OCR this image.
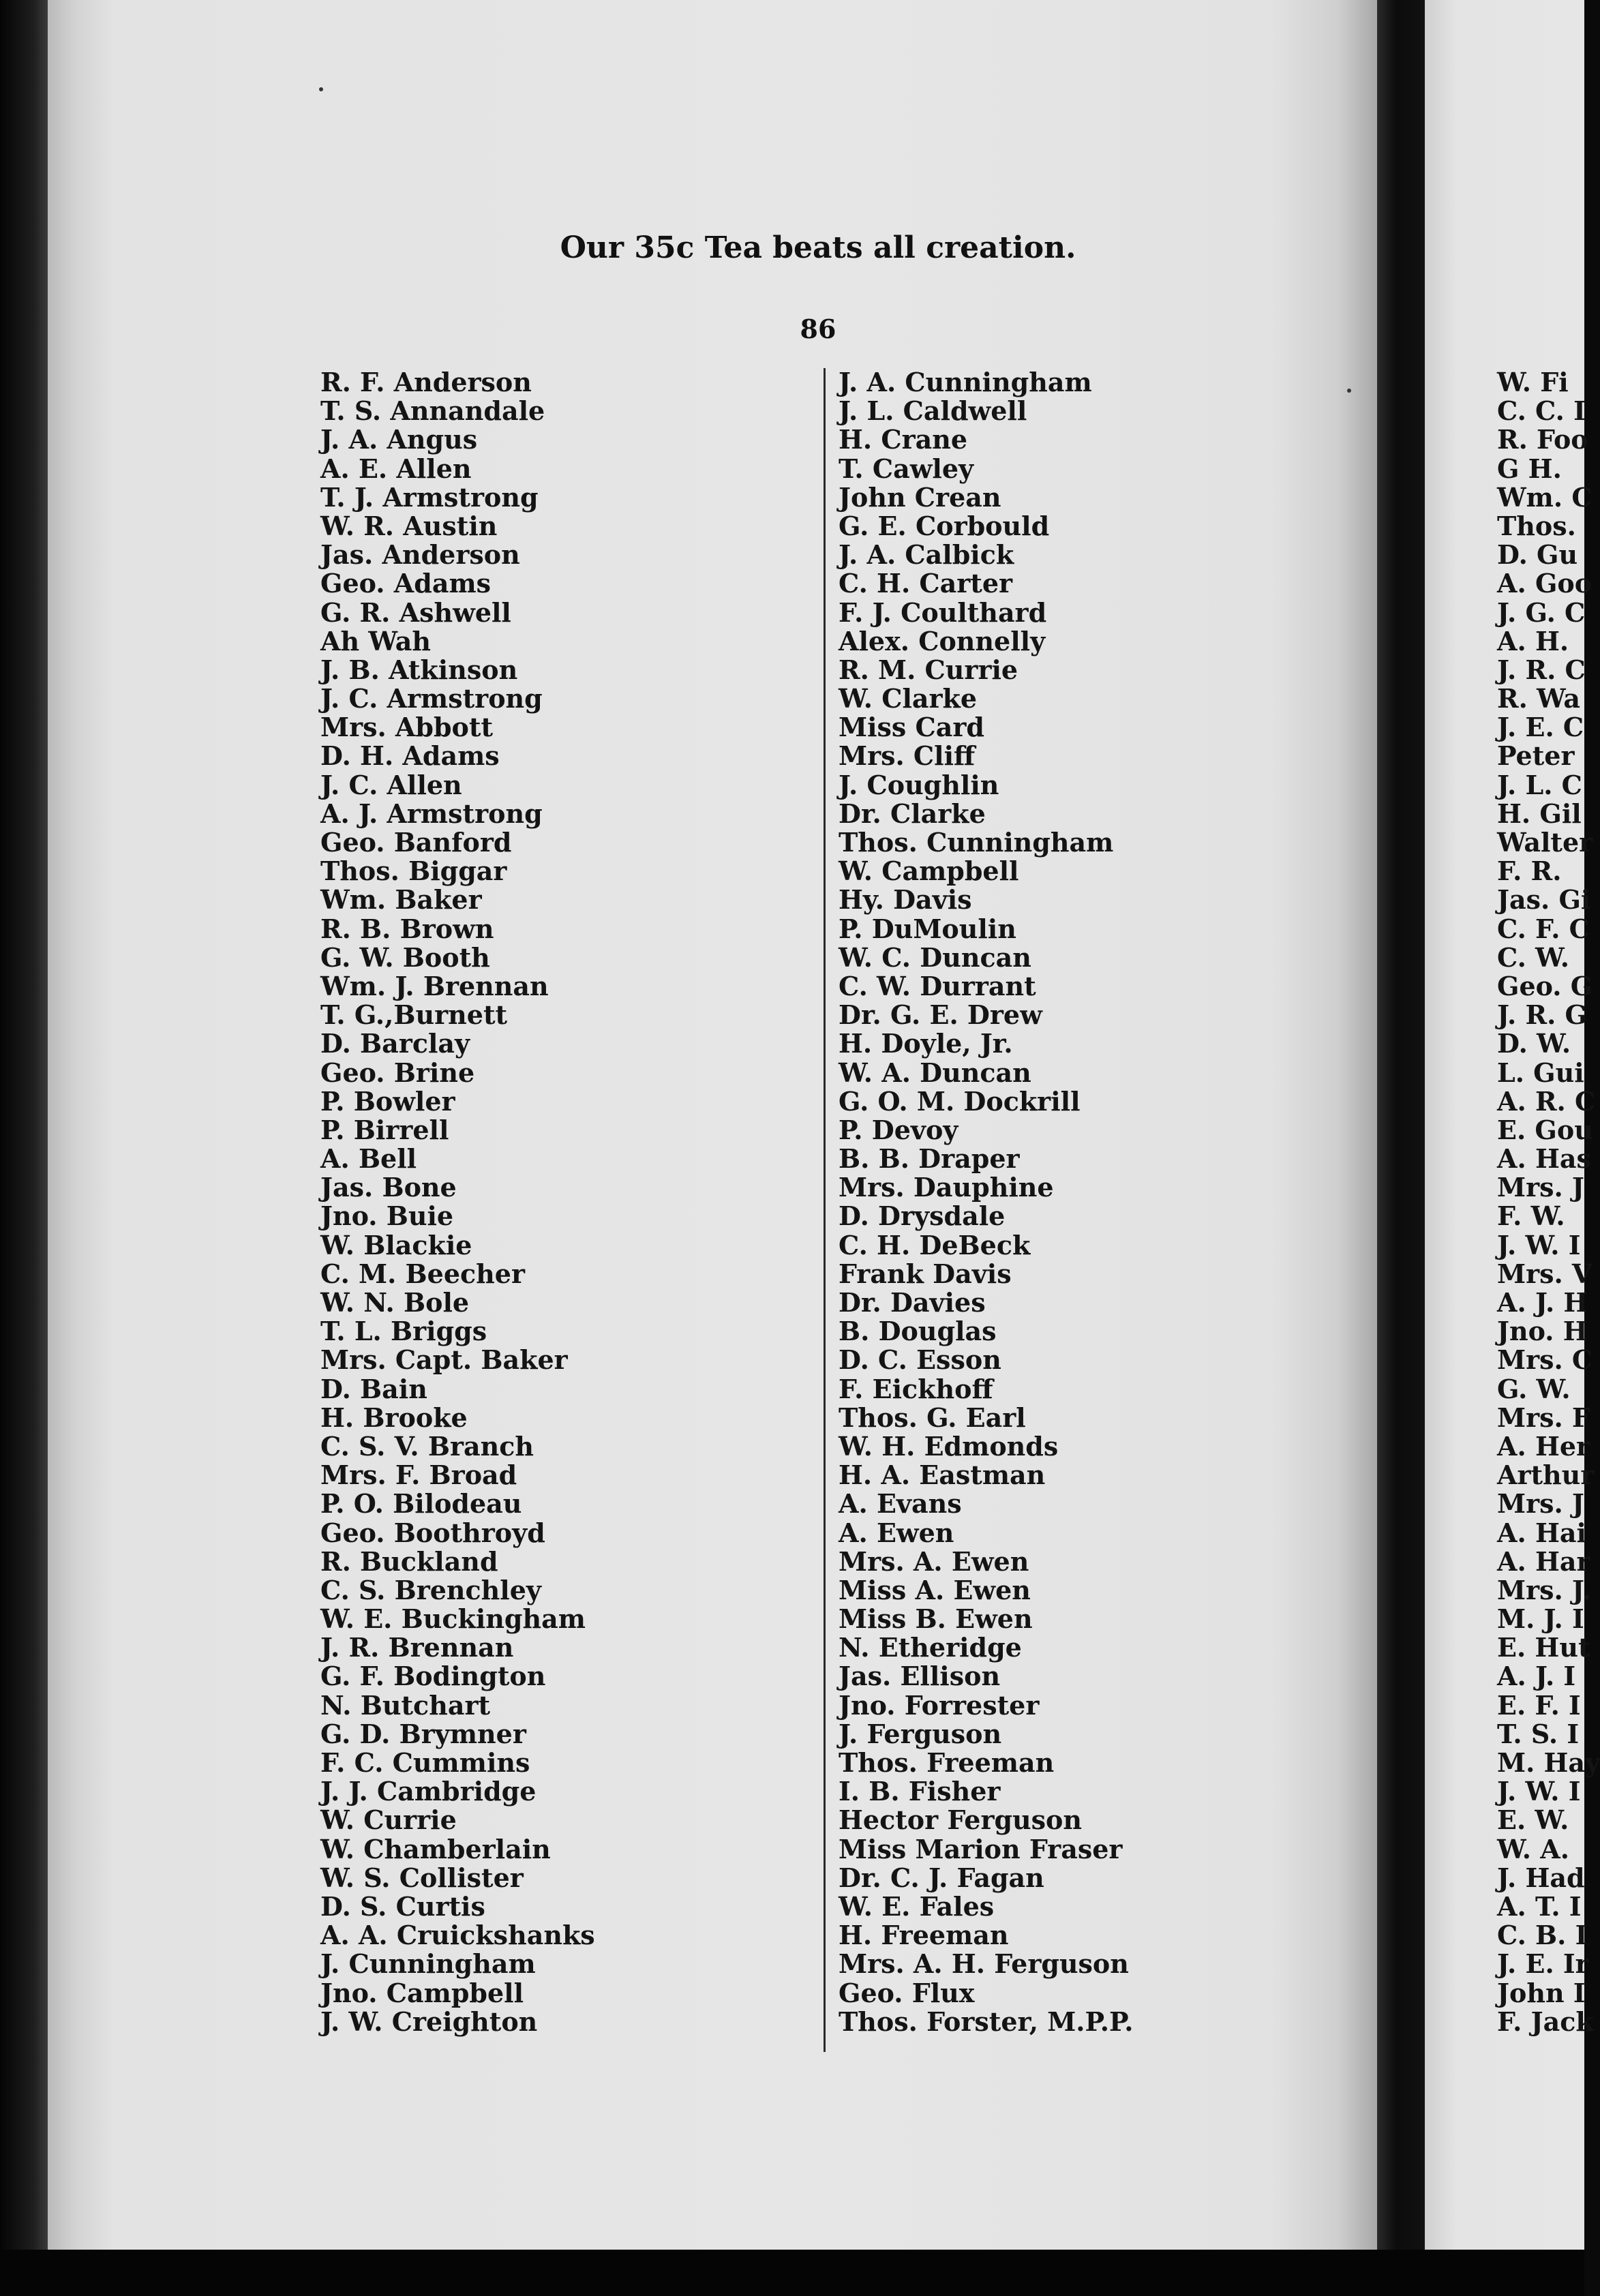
Our 35c Tea beats all creation.
86
R. F. Anderson
T. S. Annandale
J. A. Angus
A. E. Allen
T. J. Armstrong
W. R. Austin
Jas. Anderson
Geo. Adams
G. R. Ashwell
Ah Wah
J. B. Atkinson
J. C. Armstrong
Mrs. Abbott
D. H. Adams
J. C. Allen
A. J. Armstrong
Geo. Banford
Thos. Biggar
Wm. Baker
R. B. Brown
G. W. Booth
Wm. J. Brennan
T. G.,Burnett
D. Barclay
Geo. Brine
P. Bowler
P. Birrell
A. Bell
Jas. Bone
Jno. Buie
W. Blackie
C. M. Beecher
W. N. Bole
T. L. Briggs
Mrs. Capt. Baker
D. Bain
H. Brooke
C. S. V. Branch
Mrs. F. Broad
P. O. Bilodeau
Geo. Boothroyd
R. Buckland
C. S. Brenchley
W. E. Buckingham
J. R. Brennan
G. F. Bodington
N. Butchart
G. D. Brymner
F. C. Cummins
J. J. Cambridge
W. Currie
W. Chamberlain
W. S. Collister
D. S. Curtis
A. A. Cruickshanks
J. Cunningham
Jno. Campbell
J. W. Creighton
J. A. Cunningham
J. L. Caldwell
H. Crane
T. Cawley
John Crean
G. E. Corbould
J. A. Calbick
C. H. Carter
F. J. Coulthard
Alex. Connelly
R. M. Currie
W. Clarke
Miss Card
Mrs. Cliff
J. Coughlin
Dr. Clarke
Thos. Cunningham
W. Campbell
Hy. Davis
P. DuMoulin
W. C. Duncan
C. W. Durrant
Dr. G. E. Drew
H. Doyle, Jr.
W. A. Duncan
G. O. M. Dockrill
P. Devoy
B. B. Draper
Mrs. Dauphine
D. Drysdale
C. H. DeBeck
Frank Davis
Dr. Davies
B. Douglas
D. C. Esson
F. Eickhoff
Thos. G. Earl
W. H. Edmonds
H. A. Eastman
A. Evans
A. Ewen
Mrs. A. Ewen
Miss A. Ewen
Miss B. Ewen
N. Etheridge
Jas. Ellison
Jno. Forrester
J. Ferguson
Thos. Freeman
I. B. Fisher
Hector Ferguson
Miss Marion Fraser
Dr. C. J. Fagan
W. E. Fales
H. Freeman
Mrs. A. H. Ferguson
Geo. Flux
Thos. Forster, M.P.P.
W. Fi
C. C. I
R. Foo
G H.
Wm. C
Thos.
D. Gu
A. Goo
J. G. C
A. H.
J. R. C
R. Wa
J. E. C
Peter
J. L. C
H. Gil
Walter
F. R.
Jas. Gi
C. F. C
C. W.
Geo. G
J. R. G
D. W.
L. Gui
A. R. C
E. Gou
A. Has
Mrs. J
F. W.
J. W. I
Mrs. V
A. J. H
Jno. H
Mrs. C
G. W.
Mrs. F
A. Her
Arthur
Mrs. J
A. Hai
A. Har
Mrs. J.
M. J. I
E. Hut
A. J. I
E. F. I
T. S. I
M. Hay
J. W. I
E. W.
W. A.
J. Had
A. T. I
C. B. I
J. E. Ir
John I
F. Jack
